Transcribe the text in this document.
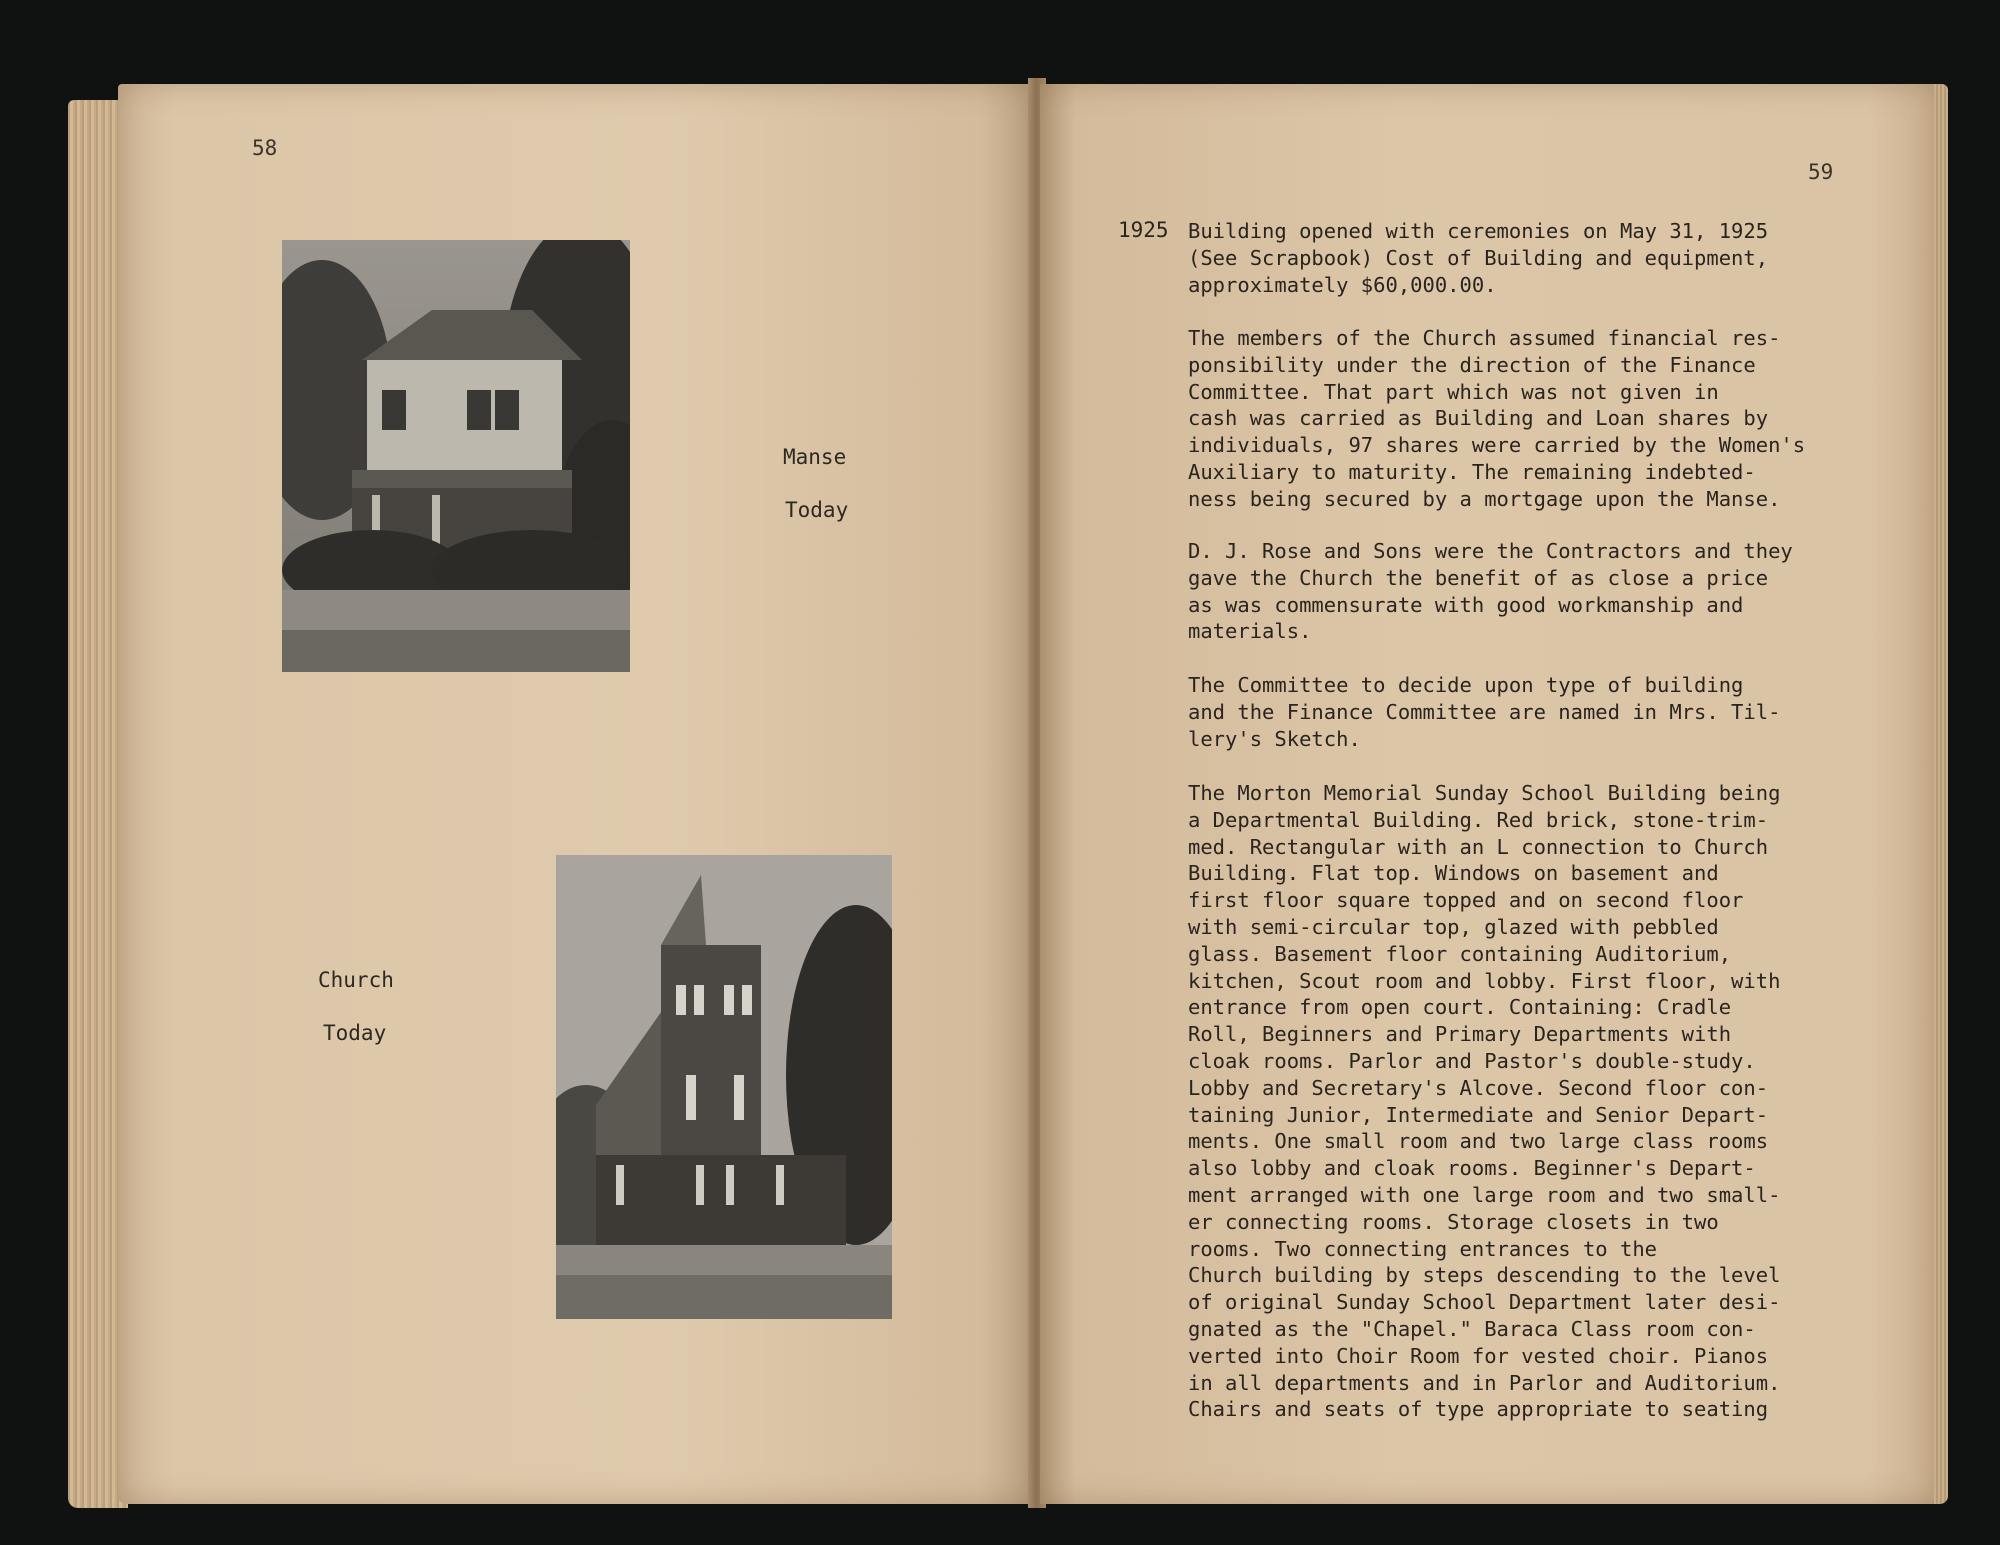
58
Manse
Today
Church
Today
59
1925 Building opened with ceremonies on May 31, 1925

(See Scrapbook) Cost of Building and equipment,

approximately $60,000.00.

The members of the Church assumed financial res-

ponsibility under the direction of the Finance

Committee. That part which was not given in

cash was carried as Building and Loan shares by

individuals, 97 shares were carried by the Women's

Auxiliary to maturity. The remaining indebted-

ness being secured by a mortgage upon the Manse.

D. J. Rose and Sons were the Contractors and they

gave the Church the benefit of as close a price

as was commensurate with good workmanship and

materials.

The Committee to decide upon type of building

and the Finance Committee are named in Mrs. Til-

lery's Sketch.

The Morton Memorial Sunday School Building being

a Departmental Building. Red brick, stone-trim-

med. Rectangular with an L connection to Church

Building. Flat top. Windows on basement and

first floor square topped and on second floor

with semi-circular top, glazed with pebbled

glass. Basement floor containing Auditorium,

kitchen, Scout room and lobby. First floor, with

entrance from open court. Containing: Cradle

Roll, Beginners and Primary Departments with

cloak rooms. Parlor and Pastor's double-study.

Lobby and Secretary's Alcove. Second floor con-

taining Junior, Intermediate and Senior Depart-

ments. One small room and two large class rooms

also lobby and cloak rooms. Beginner's Depart-

ment arranged with one large room and two small-

er connecting rooms. Storage closets in two

rooms. Two connecting entrances to the

Church building by steps descending to the level

of original Sunday School Department later desi-

gnated as the "Chapel." Baraca Class room con-

verted into Choir Room for vested choir. Pianos

in all departments and in Parlor and Auditorium.

Chairs and seats of type appropriate to seating
